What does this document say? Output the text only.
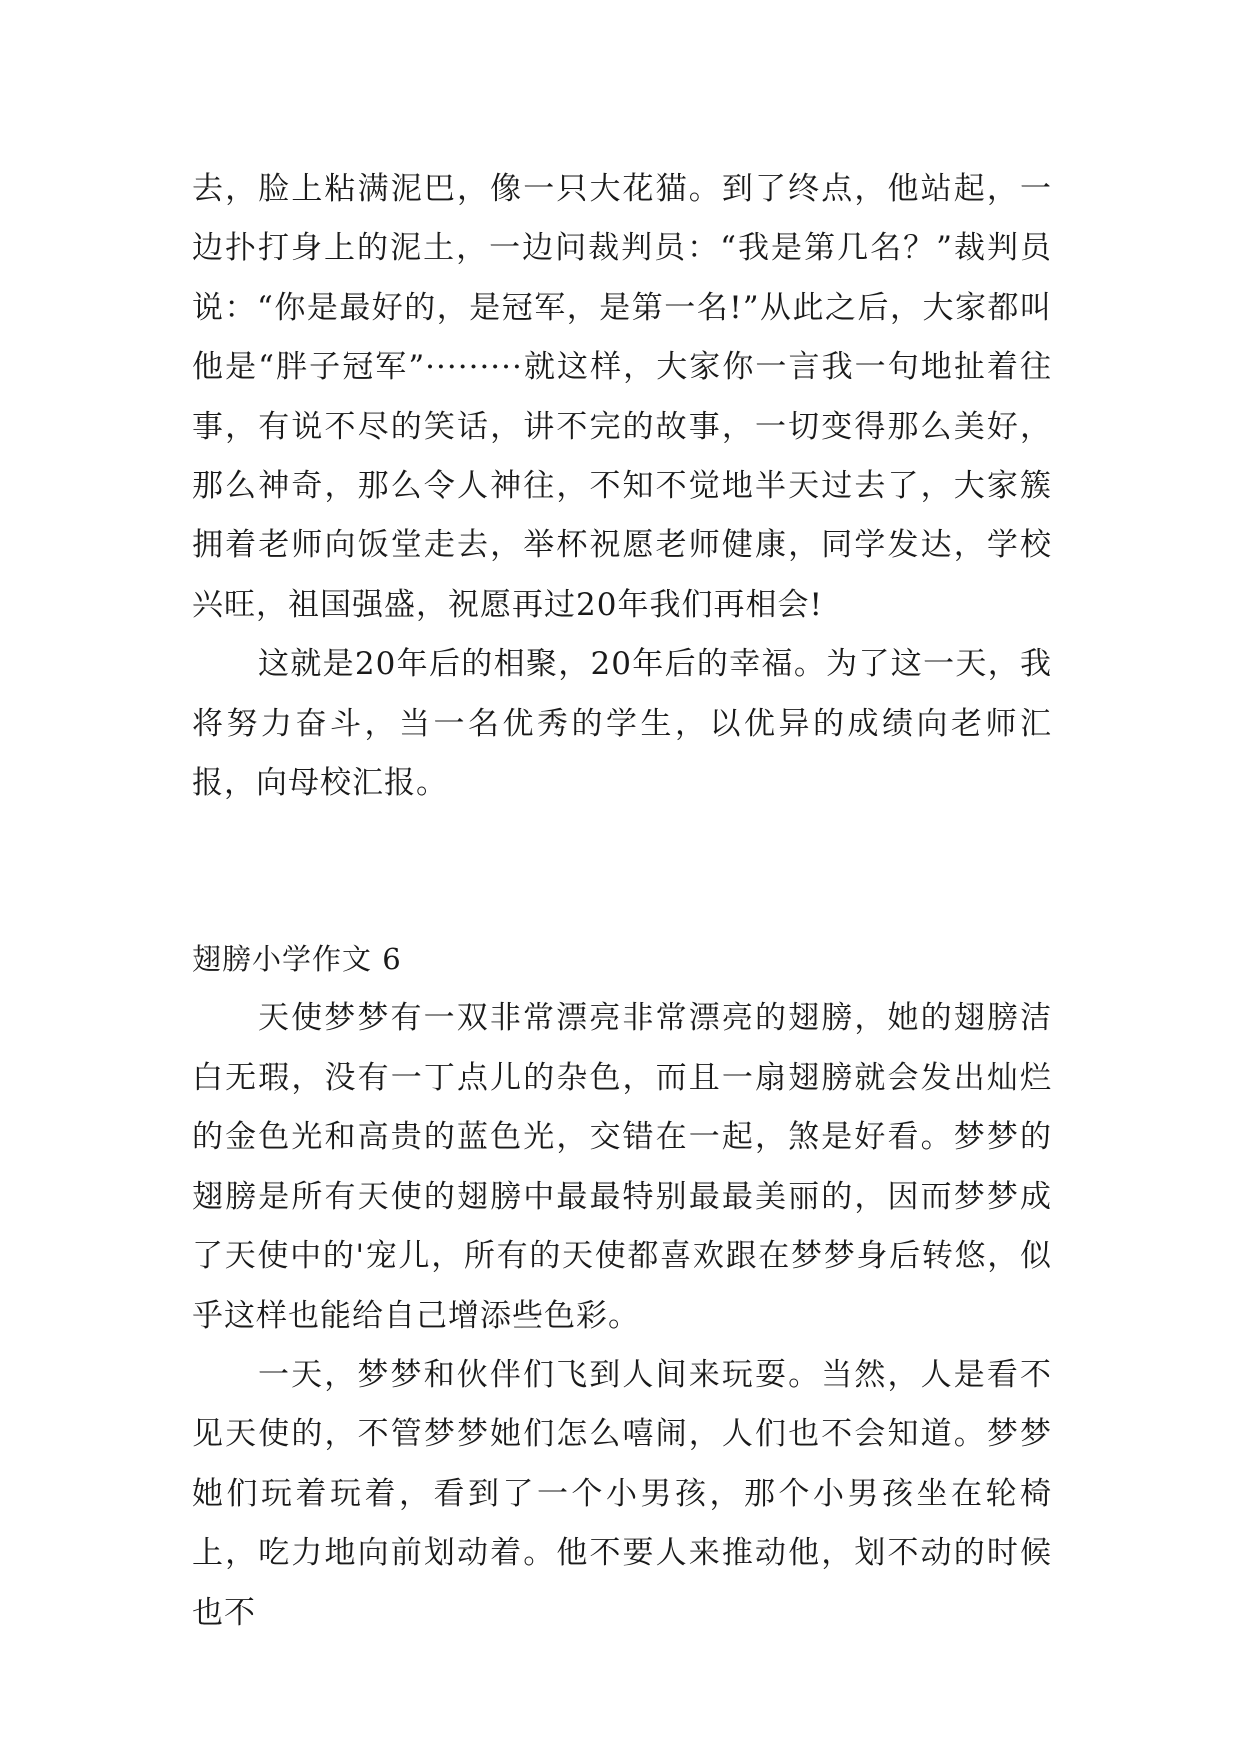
去，脸上粘满泥巴，像一只大花猫。到了终点，他站起，一边扑打身上的泥土，一边问裁判员：“我是第几名？”裁判员说：“你是最好的，是冠军，是第一名!”从此之后，大家都叫他是“胖子冠军”·········就这样，大家你一言我一句地扯着往事，有说不尽的笑话，讲不完的故事，一切变得那么美好，那么神奇，那么令人神往，不知不觉地半天过去了，大家簇拥着老师向饭堂走去，举杯祝愿老师健康，同学发达，学校兴旺，祖国强盛，祝愿再过20年我们再相会!

这就是20年后的相聚，20年后的幸福。为了这一天，我将努力奋斗，当一名优秀的学生，以优异的成绩向老师汇报，向母校汇报。

翅膀小学作文 6

天使梦梦有一双非常漂亮非常漂亮的翅膀，她的翅膀洁白无瑕，没有一丁点儿的杂色，而且一扇翅膀就会发出灿烂的金色光和高贵的蓝色光，交错在一起，煞是好看。梦梦的翅膀是所有天使的翅膀中最最特别最最美丽的，因而梦梦成了天使中的'宠儿，所有的天使都喜欢跟在梦梦身后转悠，似乎这样也能给自己增添些色彩。

一天，梦梦和伙伴们飞到人间来玩耍。当然，人是看不见天使的，不管梦梦她们怎么嘻闹，人们也不会知道。梦梦她们玩着玩着，看到了一个小男孩，那个小男孩坐在轮椅上，吃力地向前划动着。他不要人来推动他，划不动的时候也不
